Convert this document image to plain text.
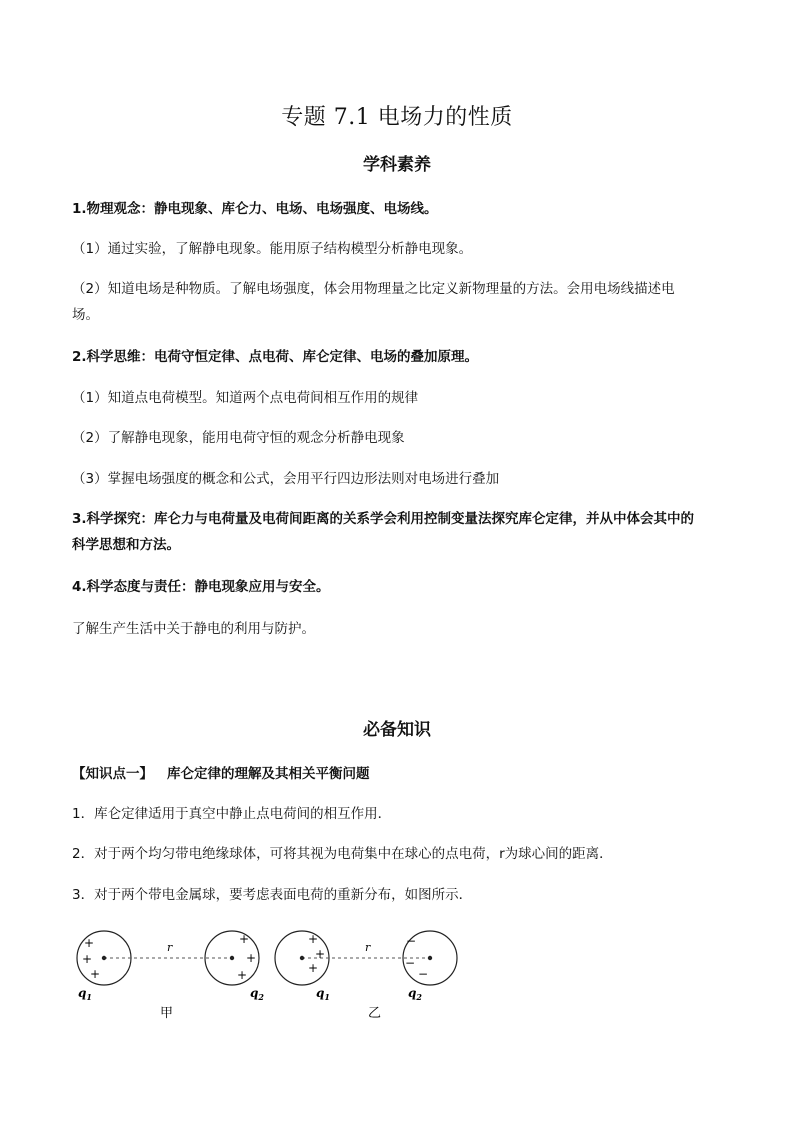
专题 7.1 电场力的性质
学科素养

1.物理观念：静电现象、库仑力、电场、电场强度、电场线。

（1）通过实验，了解静电现象。能用原子结构模型分析静电现象。

（2）知道电场是种物质。了解电场强度，体会用物理量之比定义新物理量的方法。会用电场线描述电

场。

2.科学思维：电荷守恒定律、点电荷、库仑定律、电场的叠加原理。

（1）知道点电荷模型。知道两个点电荷间相互作用的规律

（2）了解静电现象，能用电荷守恒的观念分析静电现象

（3）掌握电场强度的概念和公式，会用平行四边形法则对电场进行叠加

3.科学探究：库仑力与电荷量及电荷间距离的关系学会利用控制变量法探究库仑定律，并从中体会其中的

科学思想和方法。

4.科学态度与责任：静电现象应用与安全。

了解生产生活中关于静电的利用与防护。

必备知识

【知识点一】 库仑定律的理解及其相关平衡问题

1．库仑定律适用于真空中静止点电荷间的相互作用．

2．对于两个均匀带电绝缘球体，可将其视为电荷集中在球心的点电荷，r为球心间的距离．

3．对于两个带电金属球，要考虑表面电荷的重新分布，如图所示．

+
+
+
+
+
+
r
$q_1$	$q_2$
甲
+
+
+
−
−
−
r
$q_1$	$q_2$
乙
